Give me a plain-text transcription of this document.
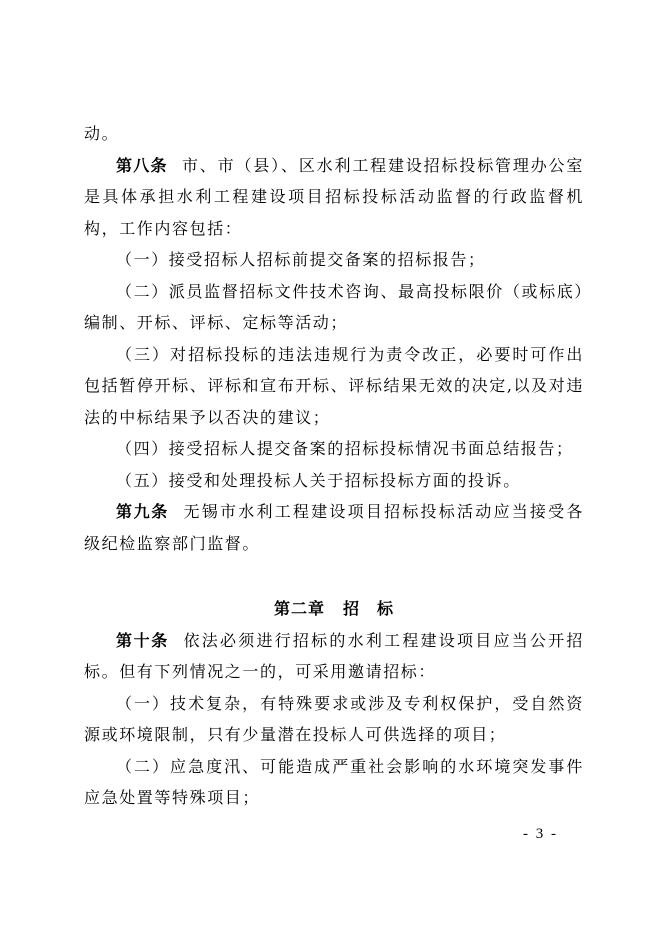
动。

第八条 市、市（县）、区水利工程建设招标投标管理办公室是具体承担水利工程建设项目招标投标活动监督的行政监督机构，工作内容包括：

（一）接受招标人招标前提交备案的招标报告；

（二）派员监督招标文件技术咨询、最高投标限价（或标底）编制、开标、评标、定标等活动；

（三）对招标投标的违法违规行为责令改正，必要时可作出包括暂停开标、评标和宣布开标、评标结果无效的决定,以及对违法的中标结果予以否决的建议；

（四）接受招标人提交备案的招标投标情况书面总结报告；

（五）接受和处理投标人关于招标投标方面的投诉。

第九条 无锡市水利工程建设项目招标投标活动应当接受各级纪检监察部门监督。

第二章 招　标

第十条 依法必须进行招标的水利工程建设项目应当公开招标。但有下列情况之一的，可采用邀请招标：

（一）技术复杂，有特殊要求或涉及专利权保护，受自然资源或环境限制，只有少量潜在投标人可供选择的项目；

（二）应急度汛、可能造成严重社会影响的水环境突发事件应急处置等特殊项目；

- 3 -
